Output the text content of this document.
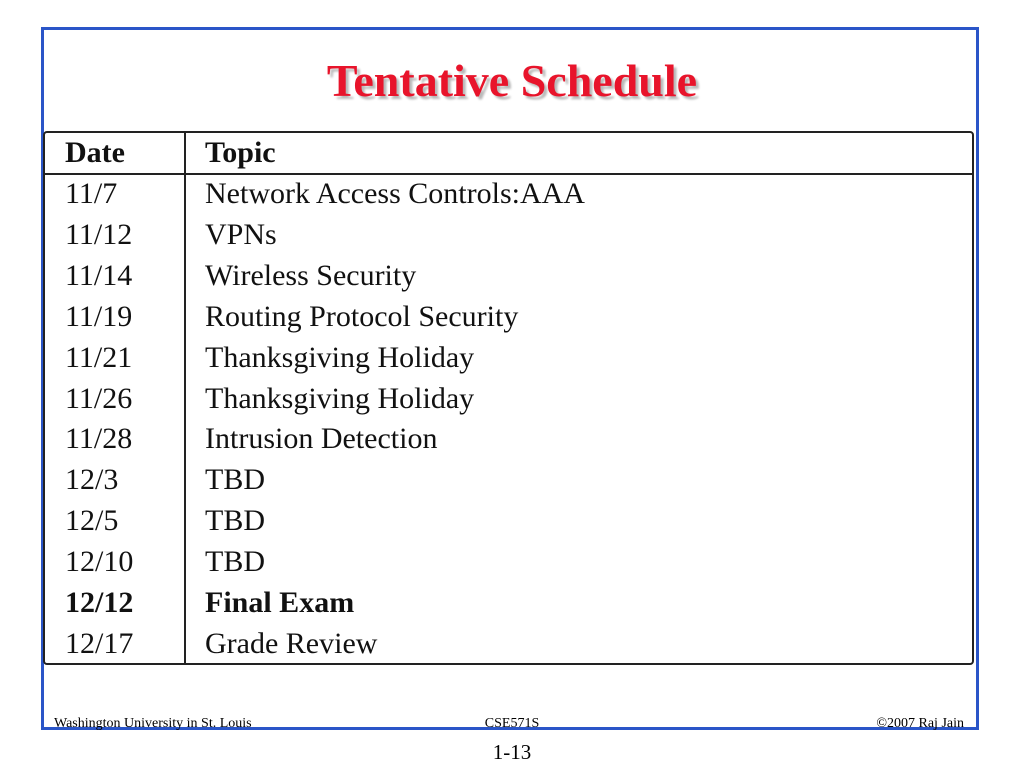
Tentative Schedule
Date	Topic
11/7	Network Access Controls:AAA
11/12 VPNs
11/14 Wireless Security
11/19 Routing Protocol Security
11/21 Thanksgiving Holiday
11/26 Thanksgiving Holiday
11/28 Intrusion Detection
12/3	TBD
12/5	TBD
12/10 TBD
12/12 Final Exam
12/17 Grade Review
Washington University in St. Louis	CSE571S	©2007 Raj Jain
1-13
